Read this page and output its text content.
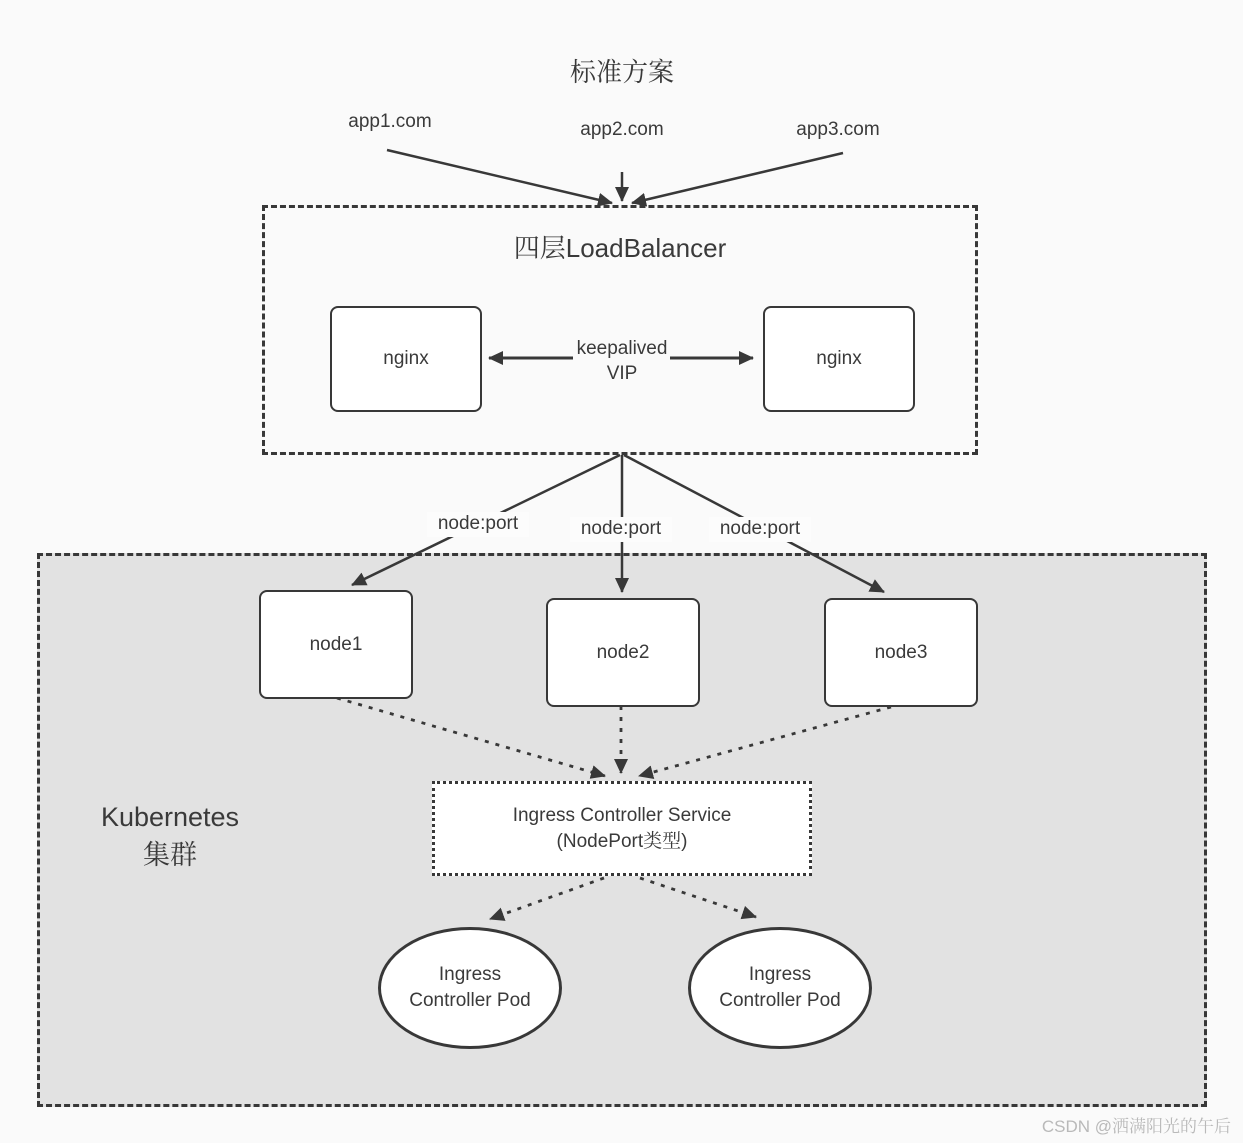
标准方案
app1.com	app2.com	app3.com
四层LoadBalancer
nginx	nginx
keepalived
VIP
node:port	node:port	node:port
Kubernetes
集群
node1	node2	node3
Ingress Controller Service
(NodePort类型)
Ingress
Controller Pod
Ingress
Controller Pod
CSDN @洒满阳光的午后
